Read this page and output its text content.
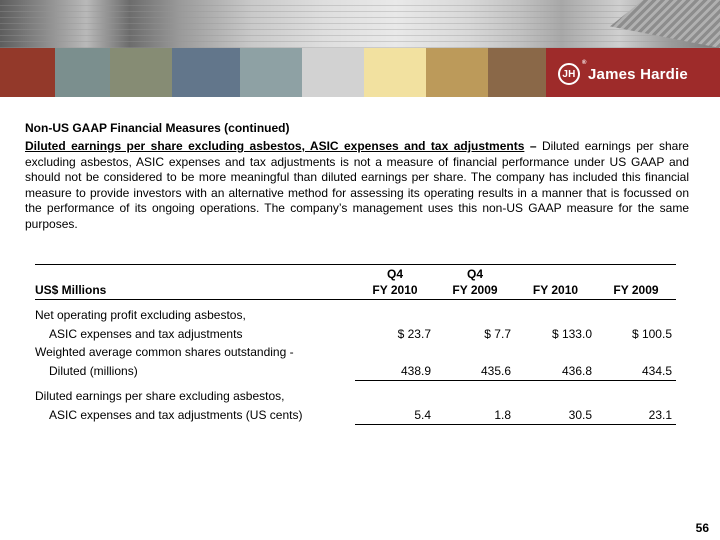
JH
®
James Hardie
Non-US GAAP Financial Measures (continued)

Diluted earnings per share excluding asbestos, ASIC expenses and tax adjustments – Diluted earnings per share excluding asbestos, ASIC expenses and tax adjustments is not a measure of financial performance under US GAAP and should not be considered to be more meaningful than diluted earnings per share. The company has included this financial measure to provide investors with an alternative method for assessing its operating results in a manner that is focussed on the performance of its ongoing operations. The company’s management uses this non-US GAAP measure for the same purposes.

	Q4	Q4		
US$ Millions	FY 2010	FY 2009	FY 2010	FY 2009

Net operating profit excluding asbestos,				
ASIC expenses and tax adjustments	$ 23.7	$ 7.7	$ 133.0	$ 100.5
Weighted average common shares outstanding -				
Diluted (millions)	438.9	435.6	436.8	434.5

Diluted earnings per share excluding asbestos,				
ASIC expenses and tax adjustments (US cents)	5.4	1.8	30.5	23.1
56
